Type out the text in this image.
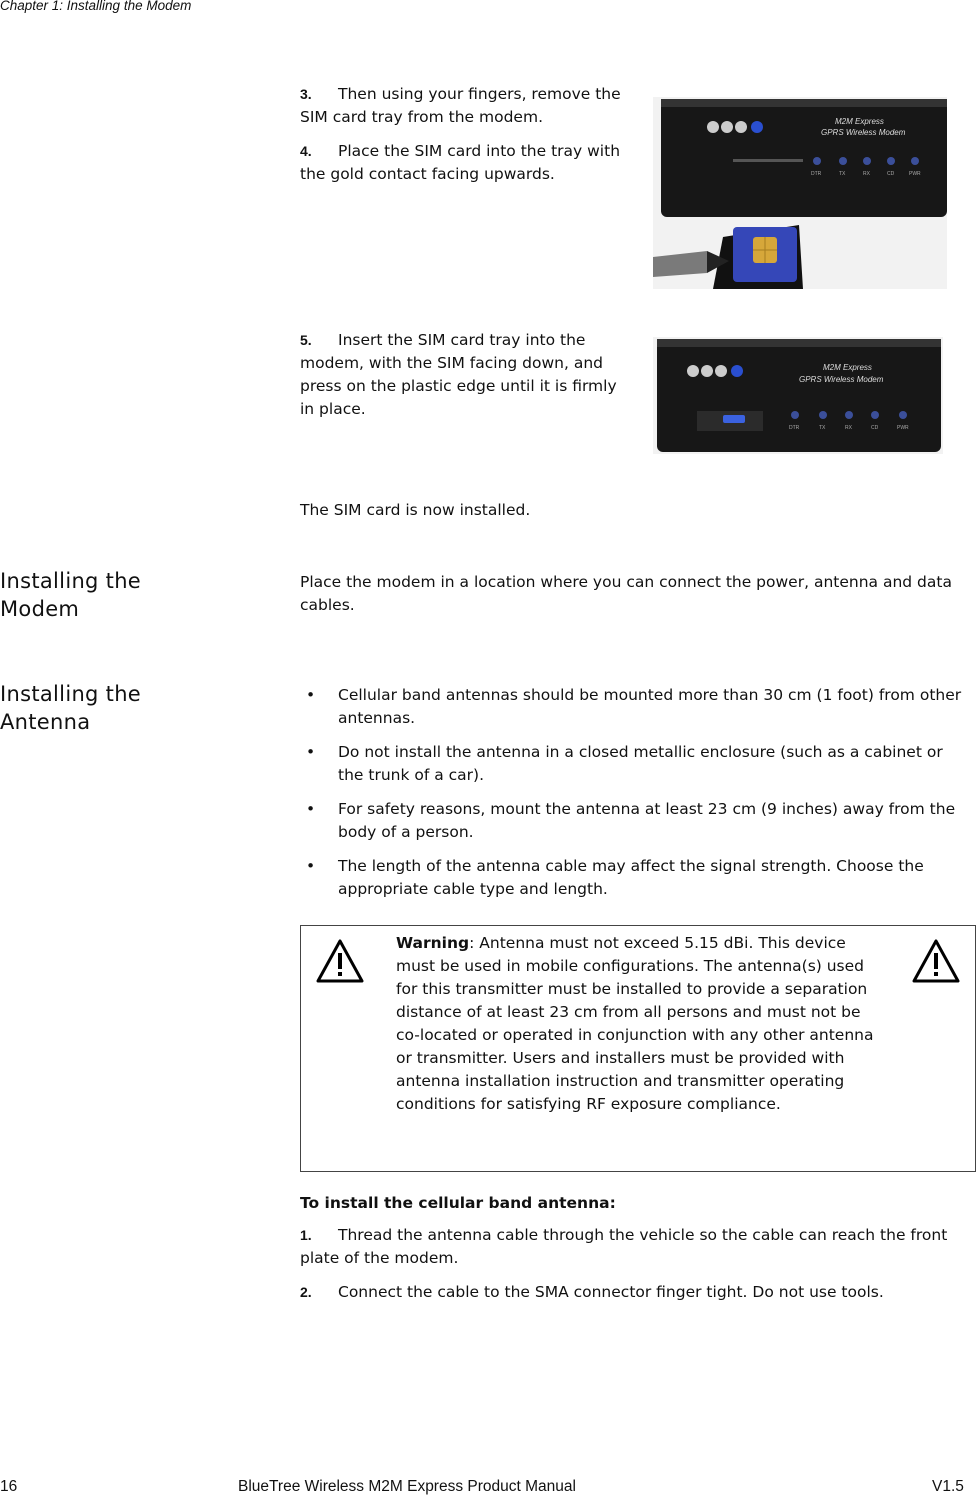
Chapter 1: Installing the Modem
3. Then using your fingers, remove the SIM card tray from the modem.
4. Place the SIM card into the tray with the gold contact facing upwards.
M2M Express
GPRS Wireless Modem
DTR	TX	RX	CD	PWR
5. Insert the SIM card tray into the modem, with the SIM facing down, and press on the plastic edge until it is firmly in place.
M2M Express
GPRS Wireless Modem
DTR	TX	RX	CD	PWR
The SIM card is now installed.
Installing the Modem
Place the modem in a location where you can connect the power, antenna and data cables.
Installing the Antenna
• Cellular band antennas should be mounted more than 30 cm (1 foot) from other antennas.
• Do not install the antenna in a closed metallic enclosure (such as a cabinet or the trunk of a car).
• For safety reasons, mount the antenna at least 23 cm (9 inches) away from the body of a person.
• The length of the antenna cable may affect the signal strength. Choose the appropriate cable type and length.
Warning: Antenna must not exceed 5.15 dBi. This device must be used in mobile configurations. The antenna(s) used for this transmitter must be installed to provide a separation distance of at least 23 cm from all persons and must not be co-located or operated in conjunction with any other antenna or transmitter. Users and installers must be provided with antenna installation instruction and transmitter operating conditions for satisfying RF exposure compliance.
To install the cellular band antenna:
1. Thread the antenna cable through the vehicle so the cable can reach the front plate of the modem.
2. Connect the cable to the SMA connector finger tight. Do not use tools.
16	BlueTree Wireless M2M Express Product Manual	V1.5
